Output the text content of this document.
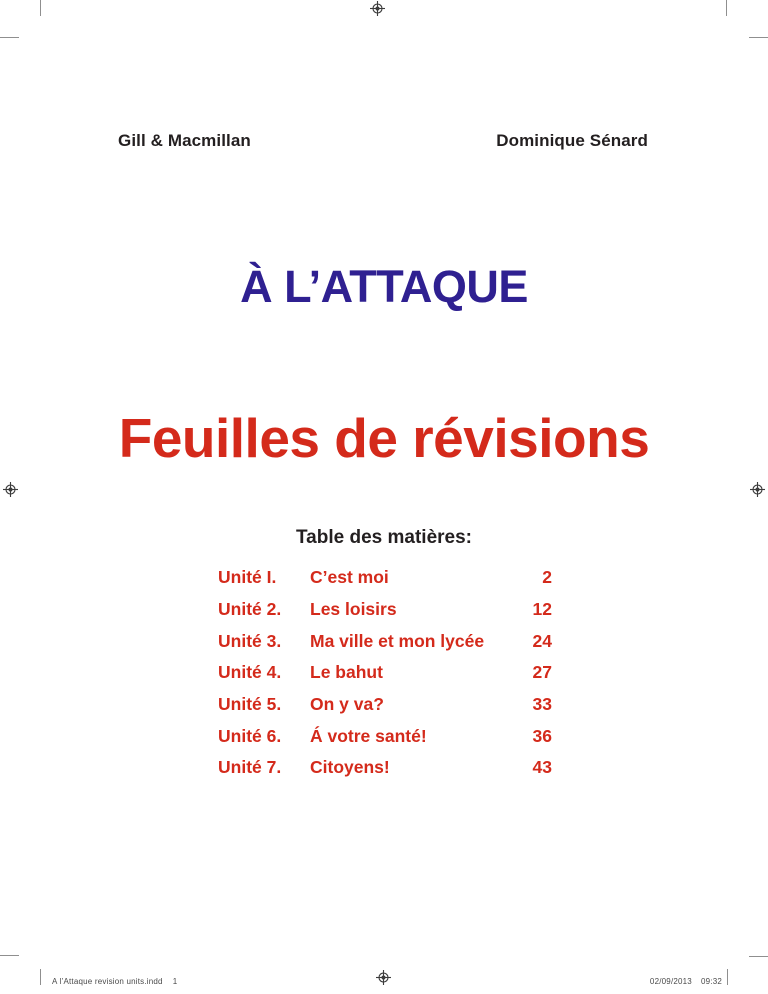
Gill & Macmillan	Dominique Sénard
À L’ATTAQUE
Feuilles de révisions
Table des matières:
Unité I.	C’est moi	2
Unité 2.	Les loisirs	12
Unité 3.	Ma ville et mon lycée	24
Unité 4.	Le bahut	27
Unité 5.	On y va?	33
Unité 6.	Á votre santé!	36
Unité 7.	Citoyens!	43
A l’Attaque revision units.indd 1	02/09/2013 09:32
